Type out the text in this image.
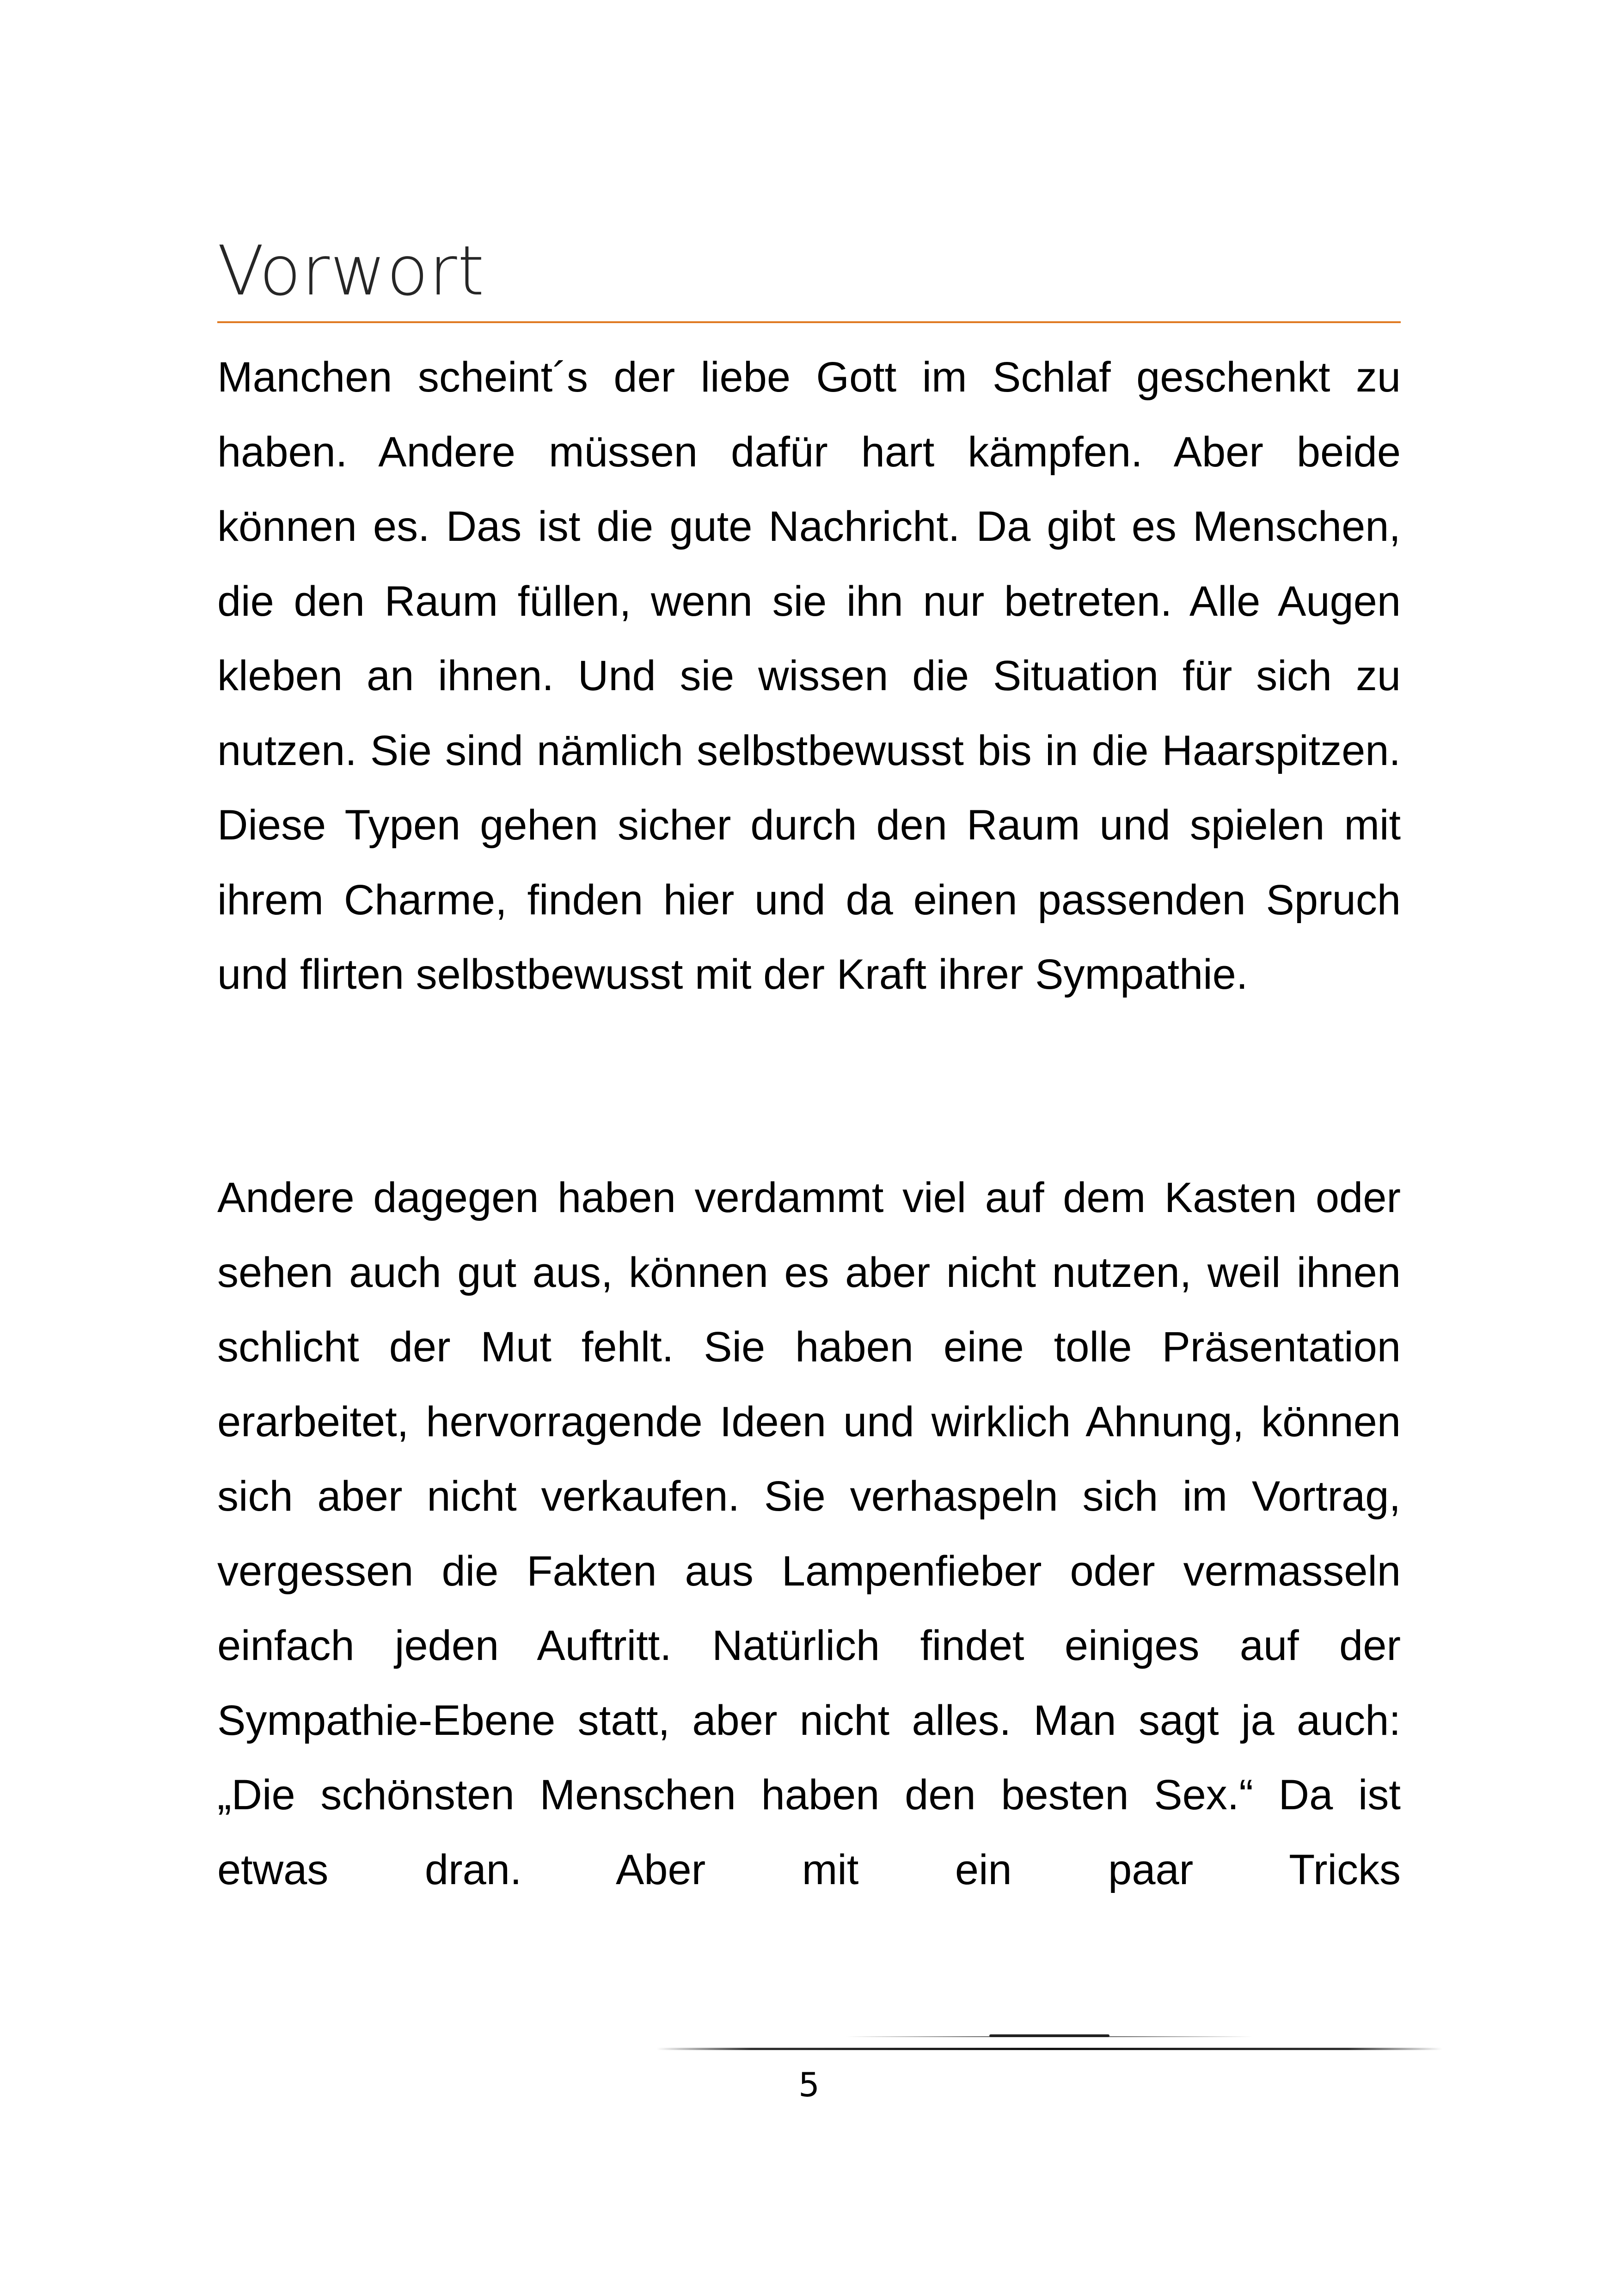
Vorwort

Manchen scheint´s der liebe Gott im Schlaf geschenkt zu haben. Andere müssen dafür hart kämpfen. Aber beide können es. Das ist die gute Nachricht. Da gibt es Menschen, die den Raum füllen, wenn sie ihn nur betreten. Alle Augen kleben an ihnen. Und sie wissen die Situation für sich zu nutzen. Sie sind nämlich selbstbewusst bis in die Haarspitzen. Diese Typen gehen sicher durch den Raum und spielen mit ihrem Charme, finden hier und da einen passenden Spruch und flirten selbstbewusst mit der Kraft ihrer Sympathie.

Andere dagegen haben verdammt viel auf dem Kasten oder sehen auch gut aus, können es aber nicht nutzen, weil ihnen schlicht der Mut fehlt. Sie haben eine tolle Präsentation erarbeitet, hervorragende Ideen und wirklich Ahnung, können sich aber nicht verkaufen. Sie verhaspeln sich im Vortrag, vergessen die Fakten aus Lampenfieber oder vermasseln einfach jeden Auftritt. Natürlich findet einiges auf der Sympathie-Ebene statt, aber nicht alles. Man sagt ja auch: „Die schönsten Menschen haben den besten Sex.“ Da ist etwas dran. Aber mit ein paar Tricks

5
